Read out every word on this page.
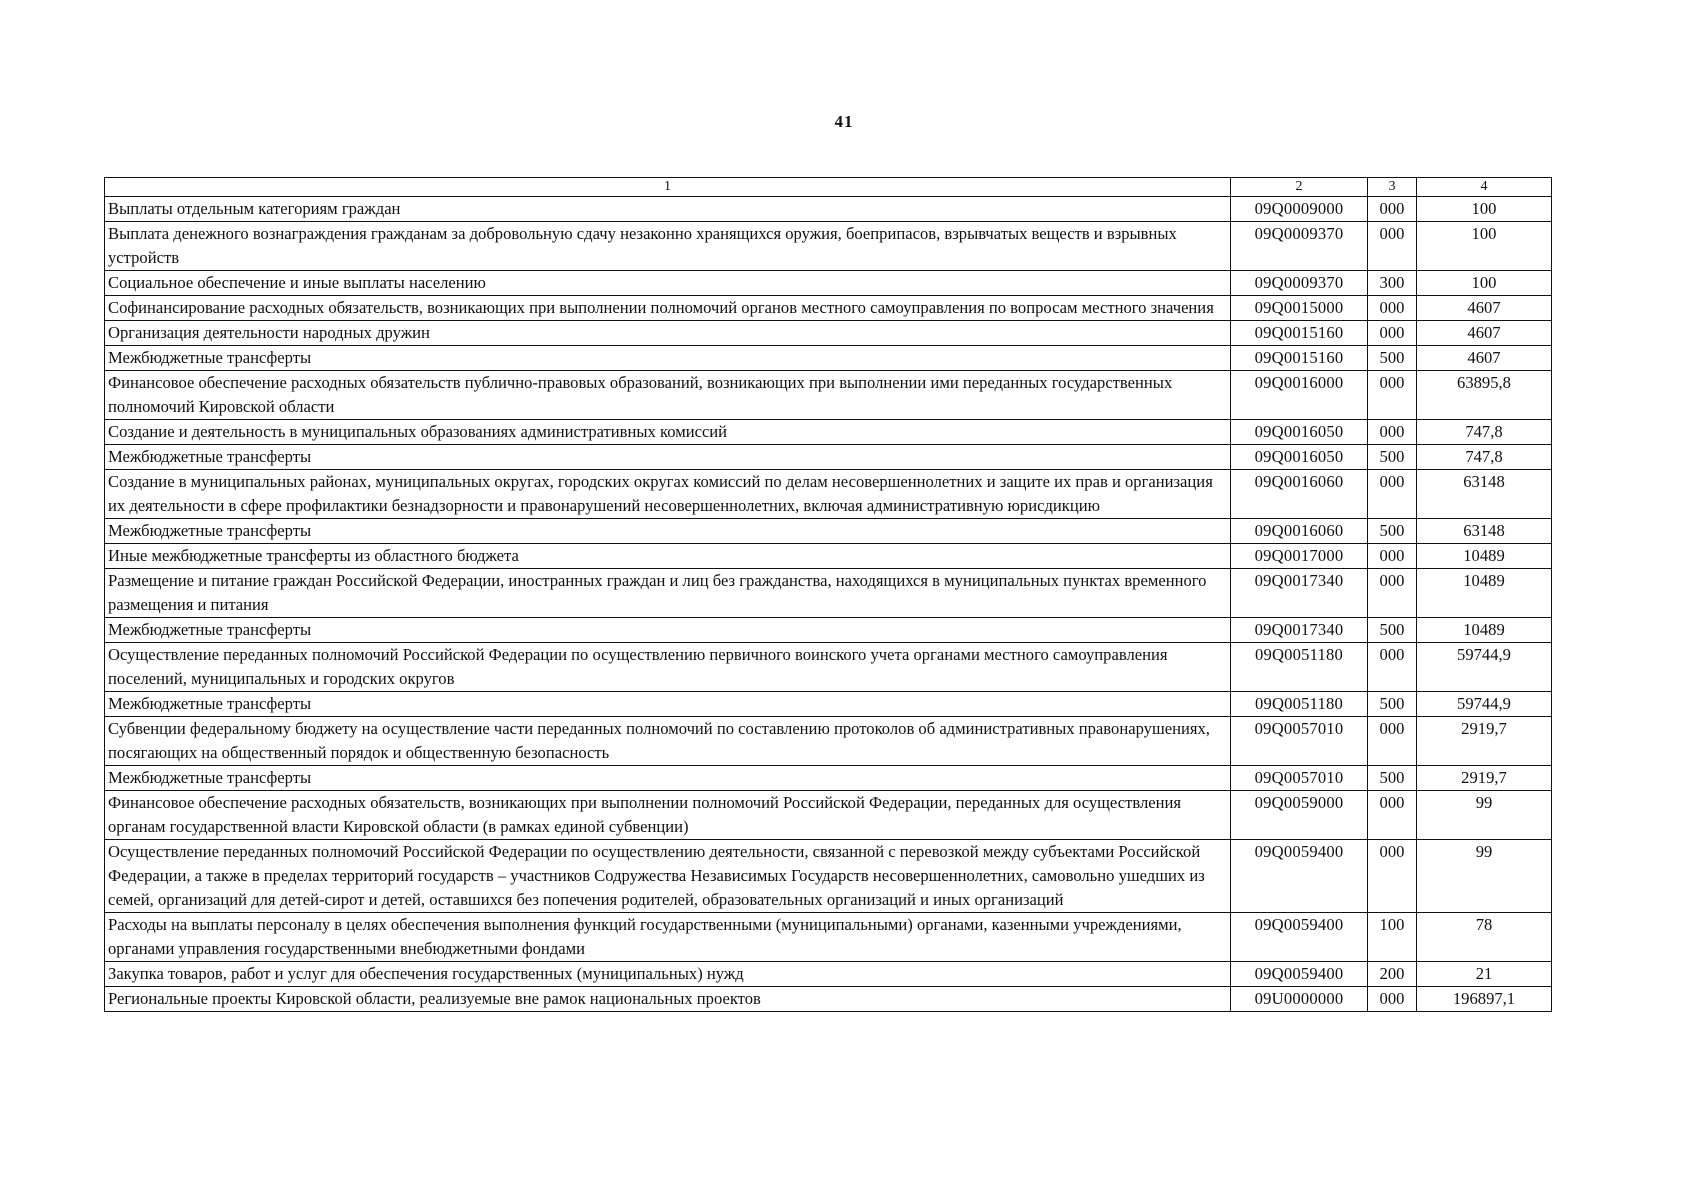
41
1	2	3	4
Выплаты отдельным категориям граждан	09Q0009000	000	100
Выплата денежного вознаграждения гражданам за добровольную сдачу незаконно хранящихся оружия, боеприпасов, взрывчатых веществ и взрывных устройств	09Q0009370	000	100
Социальное обеспечение и иные выплаты населению	09Q0009370	300	100
Софинансирование расходных обязательств, возникающих при выполнении полномочий органов местного самоуправления по вопросам местного значения	09Q0015000	000	4607
Организация деятельности народных дружин	09Q0015160	000	4607
Межбюджетные трансферты	09Q0015160	500	4607
Финансовое обеспечение расходных обязательств публично-правовых образований, возникающих при выполнении ими переданных государственных полномочий Кировской области	09Q0016000	000	63895,8
Создание и деятельность в муниципальных образованиях административных комиссий	09Q0016050	000	747,8
Межбюджетные трансферты	09Q0016050	500	747,8
Создание в муниципальных районах, муниципальных округах, городских округах комиссий по делам несовершеннолетних и защите их прав и организация их деятельности в сфере профилактики безнадзорности и правонарушений несовершеннолетних, включая административную юрисдикцию	09Q0016060	000	63148
Межбюджетные трансферты	09Q0016060	500	63148
Иные межбюджетные трансферты из областного бюджета	09Q0017000	000	10489
Размещение и питание граждан Российской Федерации, иностранных граждан и лиц без гражданства, находящихся в муниципальных пунктах временного размещения и питания	09Q0017340	000	10489
Межбюджетные трансферты	09Q0017340	500	10489
Осуществление переданных полномочий Российской Федерации по осуществлению первичного воинского учета органами местного самоуправления поселений, муниципальных и городских округов	09Q0051180	000	59744,9
Межбюджетные трансферты	09Q0051180	500	59744,9
Субвенции федеральному бюджету на осуществление части переданных полномочий по составлению протоколов об административных правонарушениях, посягающих на общественный порядок и общественную безопасность	09Q0057010	000	2919,7
Межбюджетные трансферты	09Q0057010	500	2919,7
Финансовое обеспечение расходных обязательств, возникающих при выполнении полномочий Российской Федерации, переданных для осуществления органам государственной власти Кировской области (в рамках единой субвенции)	09Q0059000	000	99
Осуществление переданных полномочий Российской Федерации по осуществлению деятельности, связанной с перевозкой между субъектами Российской Федерации, а также в пределах территорий государств – участников Содружества Независимых Государств несовершеннолетних, самовольно ушедших из семей, организаций для детей-сирот и детей, оставшихся без попечения родителей, образовательных организаций и иных организаций	09Q0059400	000	99
Расходы на выплаты персоналу в целях обеспечения выполнения функций государственными (муниципальными) органами, казенными учреждениями, органами управления государственными внебюджетными фондами	09Q0059400	100	78
Закупка товаров, работ и услуг для обеспечения государственных (муниципальных) нужд	09Q0059400	200	21
Региональные проекты Кировской области, реализуемые вне рамок национальных проектов	09U0000000	000	196897,1
